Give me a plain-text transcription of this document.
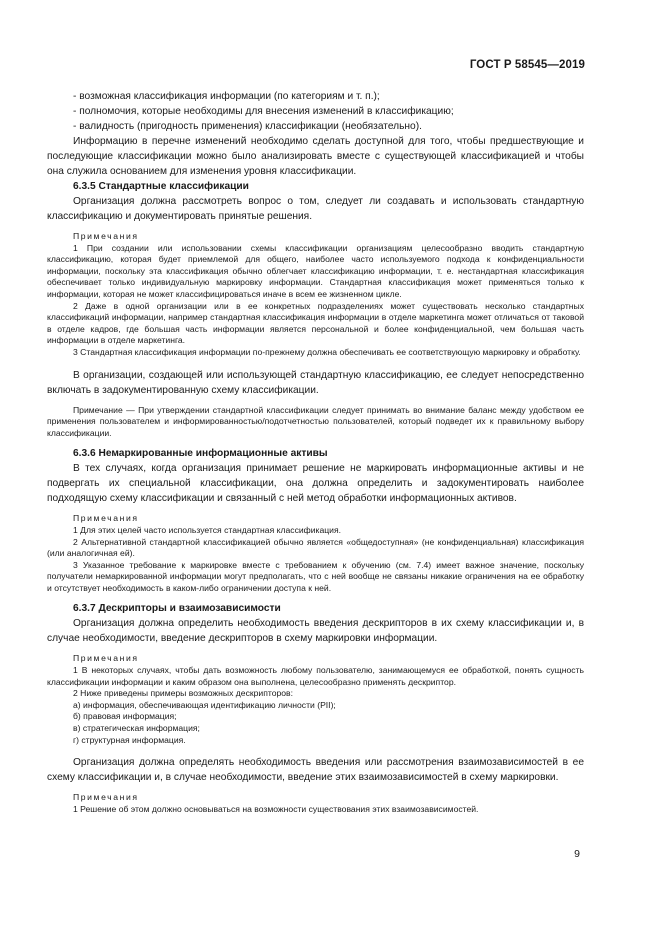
ГОСТ Р 58545—2019

- возможная классификация информации (по категориям и т. п.);

- полномочия, которые необходимы для внесения изменений в классификацию;

- валидность (пригодность применения) классификации (необязательно).

Информацию в перечне изменений необходимо сделать доступной для того, чтобы предшествующие и последующие классификации можно было анализировать вместе с существующей классификацией и чтобы она служила основанием для изменения уровня классификации.

6.3.5 Стандартные классификации

Организация должна рассмотреть вопрос о том, следует ли создавать и использовать стандартную классификацию и документировать принятые решения.

Примечания

1 При создании или использовании схемы классификации организациям целесообразно вводить стандартную классификацию, которая будет приемлемой для общего, наиболее часто используемого подхода к конфиденциальности информации, поскольку эта классификация обычно облегчает классификацию информации, т. е. нестандартная классификация обеспечивает только индивидуальную маркировку информации. Стандартная классификация может применяться только к информации, которая не может классифицироваться иначе в всем ее жизненном цикле.

2 Даже в одной организации или в ее конкретных подразделениях может существовать несколько стандартных классификаций информации, например стандартная классификация информации в отделе маркетинга может отличаться от таковой в отделе кадров, где большая часть информации является персональной и более конфиденциальной, чем большая часть информации в отделе маркетинга.

3 Стандартная классификация информации по-прежнему должна обеспечивать ее соответствующую маркировку и обработку.

В организации, создающей или использующей стандартную классификацию, ее следует непосредственно включать в задокументированную схему классификации.

Примечание — При утверждении стандартной классификации следует принимать во внимание баланс между удобством ее применения пользователем и информированностью/подотчетностью пользователей, который подведет их к правильному выбору классификации.

6.3.6 Немаркированные информационные активы

В тех случаях, когда организация принимает решение не маркировать информационные активы и не подвергать их специальной классификации, она должна определить и задокументировать наиболее подходящую схему классификации и связанный с ней метод обработки информационных активов.

Примечания

1 Для этих целей часто используется стандартная классификация.

2 Альтернативной стандартной классификацией обычно является «общедоступная» (не конфиденциальная) классификация (или аналогичная ей).

3 Указанное требование к маркировке вместе с требованием к обучению (см. 7.4) имеет важное значение, поскольку получатели немаркированной информации могут предполагать, что с ней вообще не связаны никакие ограничения на ее обработку и отсутствует необходимость в каком-либо ограничении доступа к ней.

6.3.7 Дескрипторы и взаимозависимости

Организация должна определить необходимость введения дескрипторов в их схему классификации и, в случае необходимости, введение дескрипторов в схему маркировки информации.

Примечания

1 В некоторых случаях, чтобы дать возможность любому пользователю, занимающемуся ее обработкой, понять сущность классификации информации и каким образом она выполнена, целесообразно применять дескриптор.

2 Ниже приведены примеры возможных дескрипторов:

а) информация, обеспечивающая идентификацию личности (PII);

б) правовая информация;

в) стратегическая информация;

г) структурная информация.

Организация должна определять необходимость введения или рассмотрения взаимозависимостей в ее схему классификации и, в случае необходимости, введение этих взаимозависимостей в схему маркировки.

Примечания

1 Решение об этом должно основываться на возможности существования этих взаимозависимостей.

9
